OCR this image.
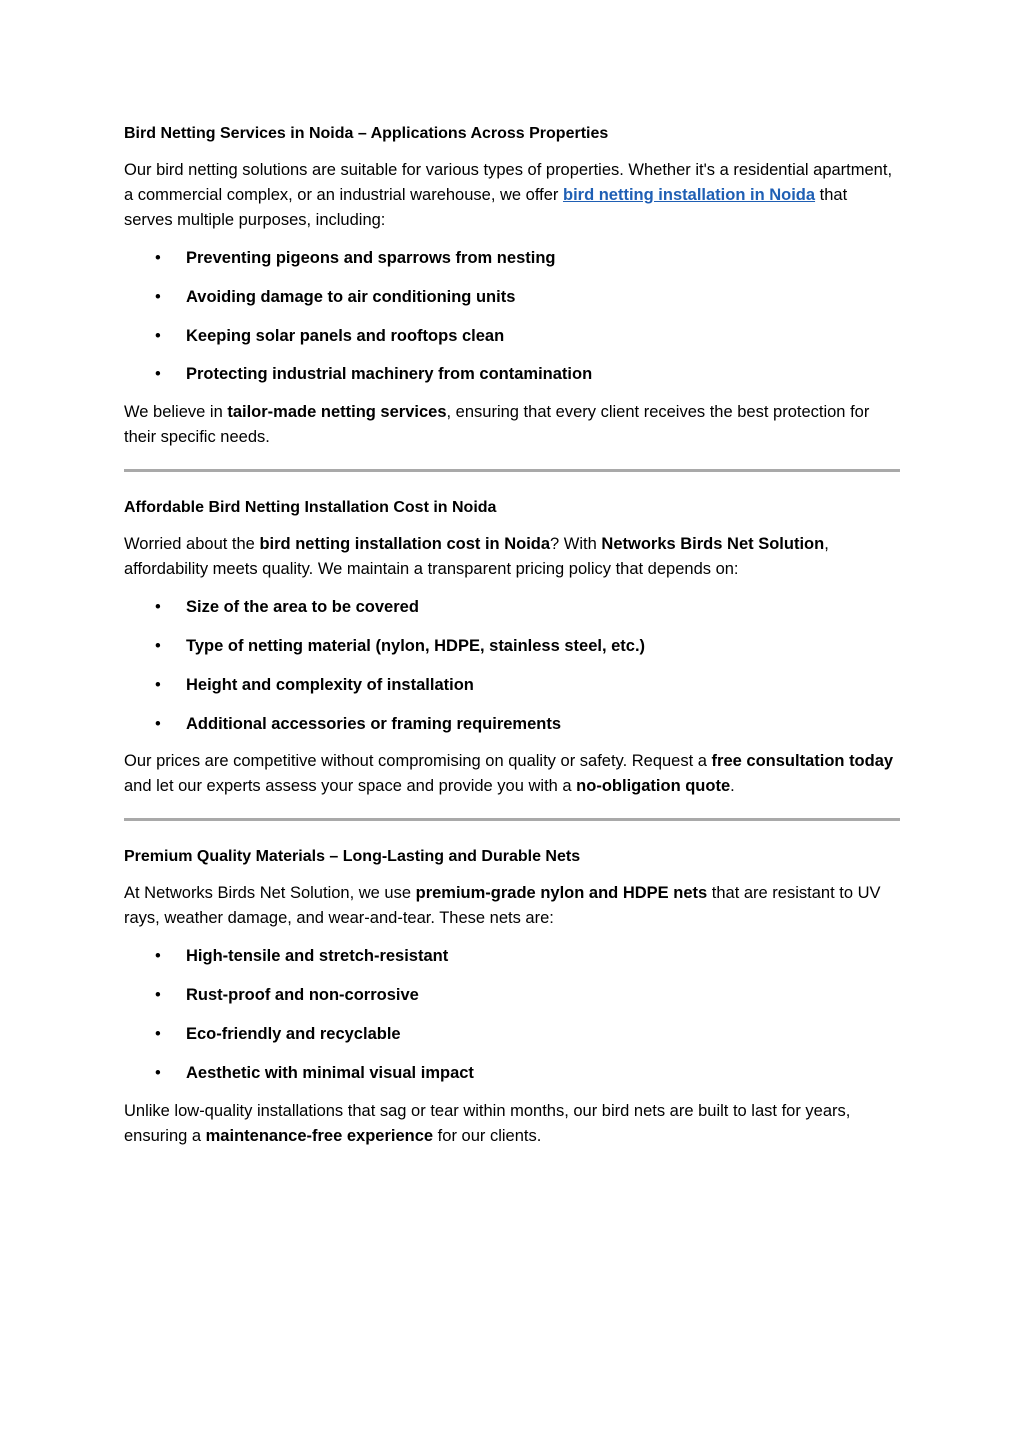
Bird Netting Services in Noida – Applications Across Properties

Our bird netting solutions are suitable for various types of properties. Whether it's a residential apartment, a commercial complex, or an industrial warehouse, we offer bird netting installation in Noida that serves multiple purposes, including:

• Preventing pigeons and sparrows from nesting
• Avoiding damage to air conditioning units
• Keeping solar panels and rooftops clean
• Protecting industrial machinery from contamination

We believe in tailor-made netting services, ensuring that every client receives the best protection for their specific needs.

Affordable Bird Netting Installation Cost in Noida

Worried about the bird netting installation cost in Noida? With Networks Birds Net Solution, affordability meets quality. We maintain a transparent pricing policy that depends on:

• Size of the area to be covered
• Type of netting material (nylon, HDPE, stainless steel, etc.)
• Height and complexity of installation
• Additional accessories or framing requirements

Our prices are competitive without compromising on quality or safety. Request a free consultation today and let our experts assess your space and provide you with a no-obligation quote.

Premium Quality Materials – Long-Lasting and Durable Nets

At Networks Birds Net Solution, we use premium-grade nylon and HDPE nets that are resistant to UV rays, weather damage, and wear-and-tear. These nets are:

• High-tensile and stretch-resistant
• Rust-proof and non-corrosive
• Eco-friendly and recyclable
• Aesthetic with minimal visual impact

Unlike low-quality installations that sag or tear within months, our bird nets are built to last for years, ensuring a maintenance-free experience for our clients.
